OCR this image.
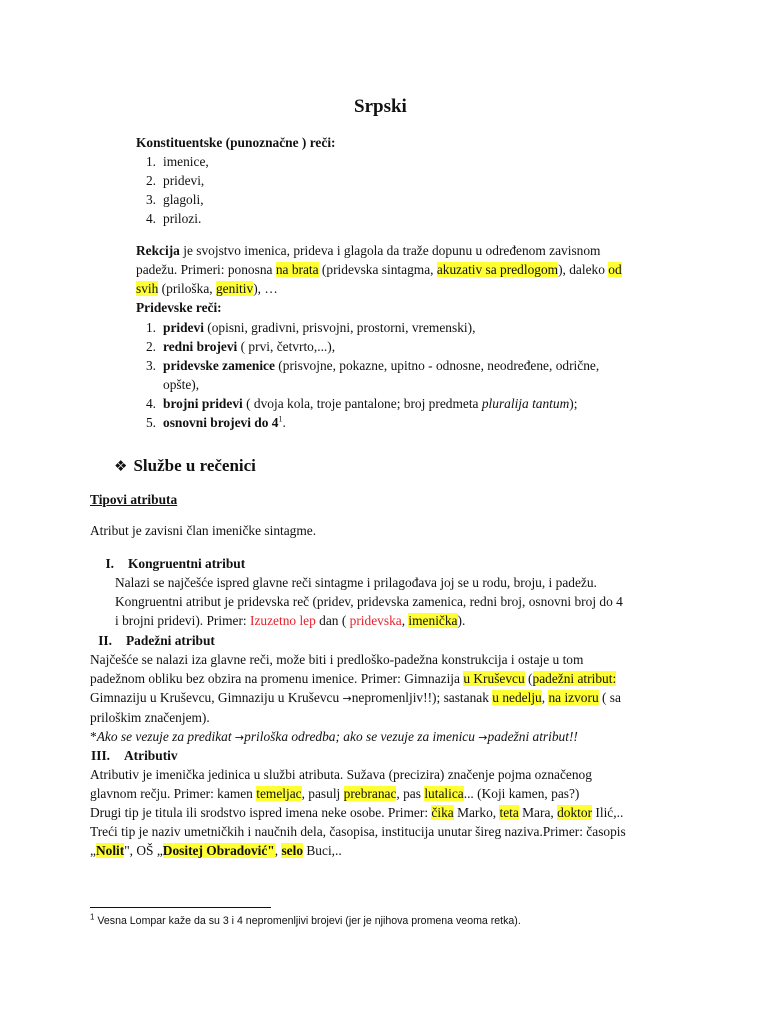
Srpski
Konstituentske (punoznačne ) reči:
1. imenice,
2. pridevi,
3. glagoli,
4. prilozi.
Rekcija je svojstvo imenica, prideva i glagola da traže dopunu u određenom zavisnom
padežu. Primeri: ponosna na brata (pridevska sintagma, akuzativ sa predlogom), daleko od
svih (priloška, genitiv), …
Pridevske reči:
1. pridevi (opisni, gradivni, prisvojni, prostorni, vremenski),
2. redni brojevi ( prvi, četvrto,...),
3. pridevske zamenice (prisvojne, pokazne, upitno - odnosne, neodređene, odrične,
opšte),
4. brojni pridevi ( dvoja kola, troje pantalone; broj predmeta pluralija tantum);
5. osnovni brojevi do $4^1$.
❖ Službe u rečenici
Tipovi atributa
Atribut je zavisni član imeničke sintagme.
I. Kongruentni atribut
Nalazi se najčešće ispred glavne reči sintagme i prilagođava joj se u rodu, broju, i padežu.
Kongruentni atribut je pridevska reč (pridev, pridevska zamenica, redni broj, osnovni broj do 4
i brojni pridevi). Primer: Izuzetno lep dan ( pridevska, imenička).
II. Padežni atribut
Najčešće se nalazi iza glavne reči, može biti i predloško-padežna konstrukcija i ostaje u tom
padežnom obliku bez obzira na promenu imenice. Primer: Gimnazija u Kruševcu (padežni atribut:
Gimnaziju u Kruševcu, Gimnaziju u Kruševcu →nepromenljiv!!); sastanak u nedelju, na izvoru ( sa
priloškim značenjem).
*Ako se vezuje za predikat →priloška odredba; ako se vezuje za imenicu →padežni atribut!!
III. Atributiv
Atributiv je imenička jedinica u službi atributa. Sužava (precizira) značenje pojma označenog
glavnom rečju. Primer: kamen temeljac, pasulj prebranac, pas lutalica... (Koji kamen, pas?)
Drugi tip je titula ili srodstvo ispred imena neke osobe. Primer: čika Marko, teta Mara, doktor Ilić,..
Treći tip je naziv umetničkih i naučnih dela, časopisa, institucija unutar šireg naziva.Primer: časopis
„Nolit", OŠ „Dositej Obradović", selo Buci,..
$^1$ Vesna Lompar kaže da su 3 i 4 nepromenljivi brojevi (jer je njihova promena veoma retka).
